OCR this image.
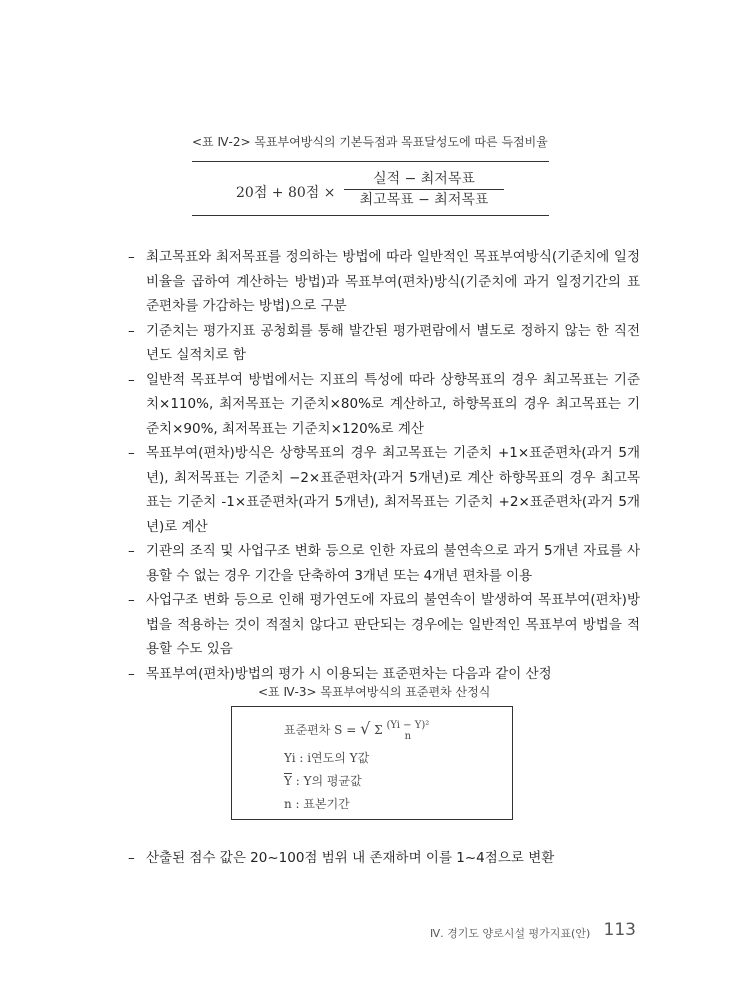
<표 Ⅳ-2> 목표부여방식의 기본득점과 목표달성도에 따른 득점비율
20점 + 80점 ×
실적 − 최저목표
최고목표 − 최저목표
– 최고목표와 최저목표를 정의하는 방법에 따라 일반적인 목표부여방식(기준치에 일정 비율을 곱하여 계산하는 방법)과 목표부여(편차)방식(기준치에 과거 일정기간의 표준편차를 가감하는 방법)으로 구분
– 기준치는 평가지표 공청회를 통해 발간된 평가편람에서 별도로 정하지 않는 한 직전년도 실적치로 함
– 일반적 목표부여 방법에서는 지표의 특성에 따라 상향목표의 경우 최고목표는 기준치×110%, 최저목표는 기준치×80%로 계산하고, 하향목표의 경우 최고목표는 기준치×90%, 최저목표는 기준치×120%로 계산
– 목표부여(편차)방식은 상향목표의 경우 최고목표는 기준치 +1×표준편차(과거 5개년), 최저목표는 기준치 −2×표준편차(과거 5개년)로 계산 하향목표의 경우 최고목표는 기준치 -1×표준편차(과거 5개년), 최저목표는 기준치 +2×표준편차(과거 5개년)로 계산
– 기관의 조직 및 사업구조 변화 등으로 인한 자료의 불연속으로 과거 5개년 자료를 사용할 수 없는 경우 기간을 단축하여 3개년 또는 4개년 편차를 이용
– 사업구조 변화 등으로 인해 평가연도에 자료의 불연속이 발생하여 목표부여(편차)방법을 적용하는 것이 적절치 않다고 판단되는 경우에는 일반적인 목표부여 방법을 적용할 수도 있음
– 목표부여(편차)방법의 평가 시 이용되는 표준편차는 다음과 같이 산정
<표 Ⅳ-3> 목표부여방식의 표준편차 산정식
표준편차 S = √ Σ (Yi − Y)²
n
Yi : i연도의 Y값
$\overline{Y}$ : Y의 평균값
n : 표본기간
– 산출된 점수 값은 20~100점 범위 내 존재하며 이를 1~4점으로 변환
Ⅳ. 경기도 양로시설 평가지표(안) 113
